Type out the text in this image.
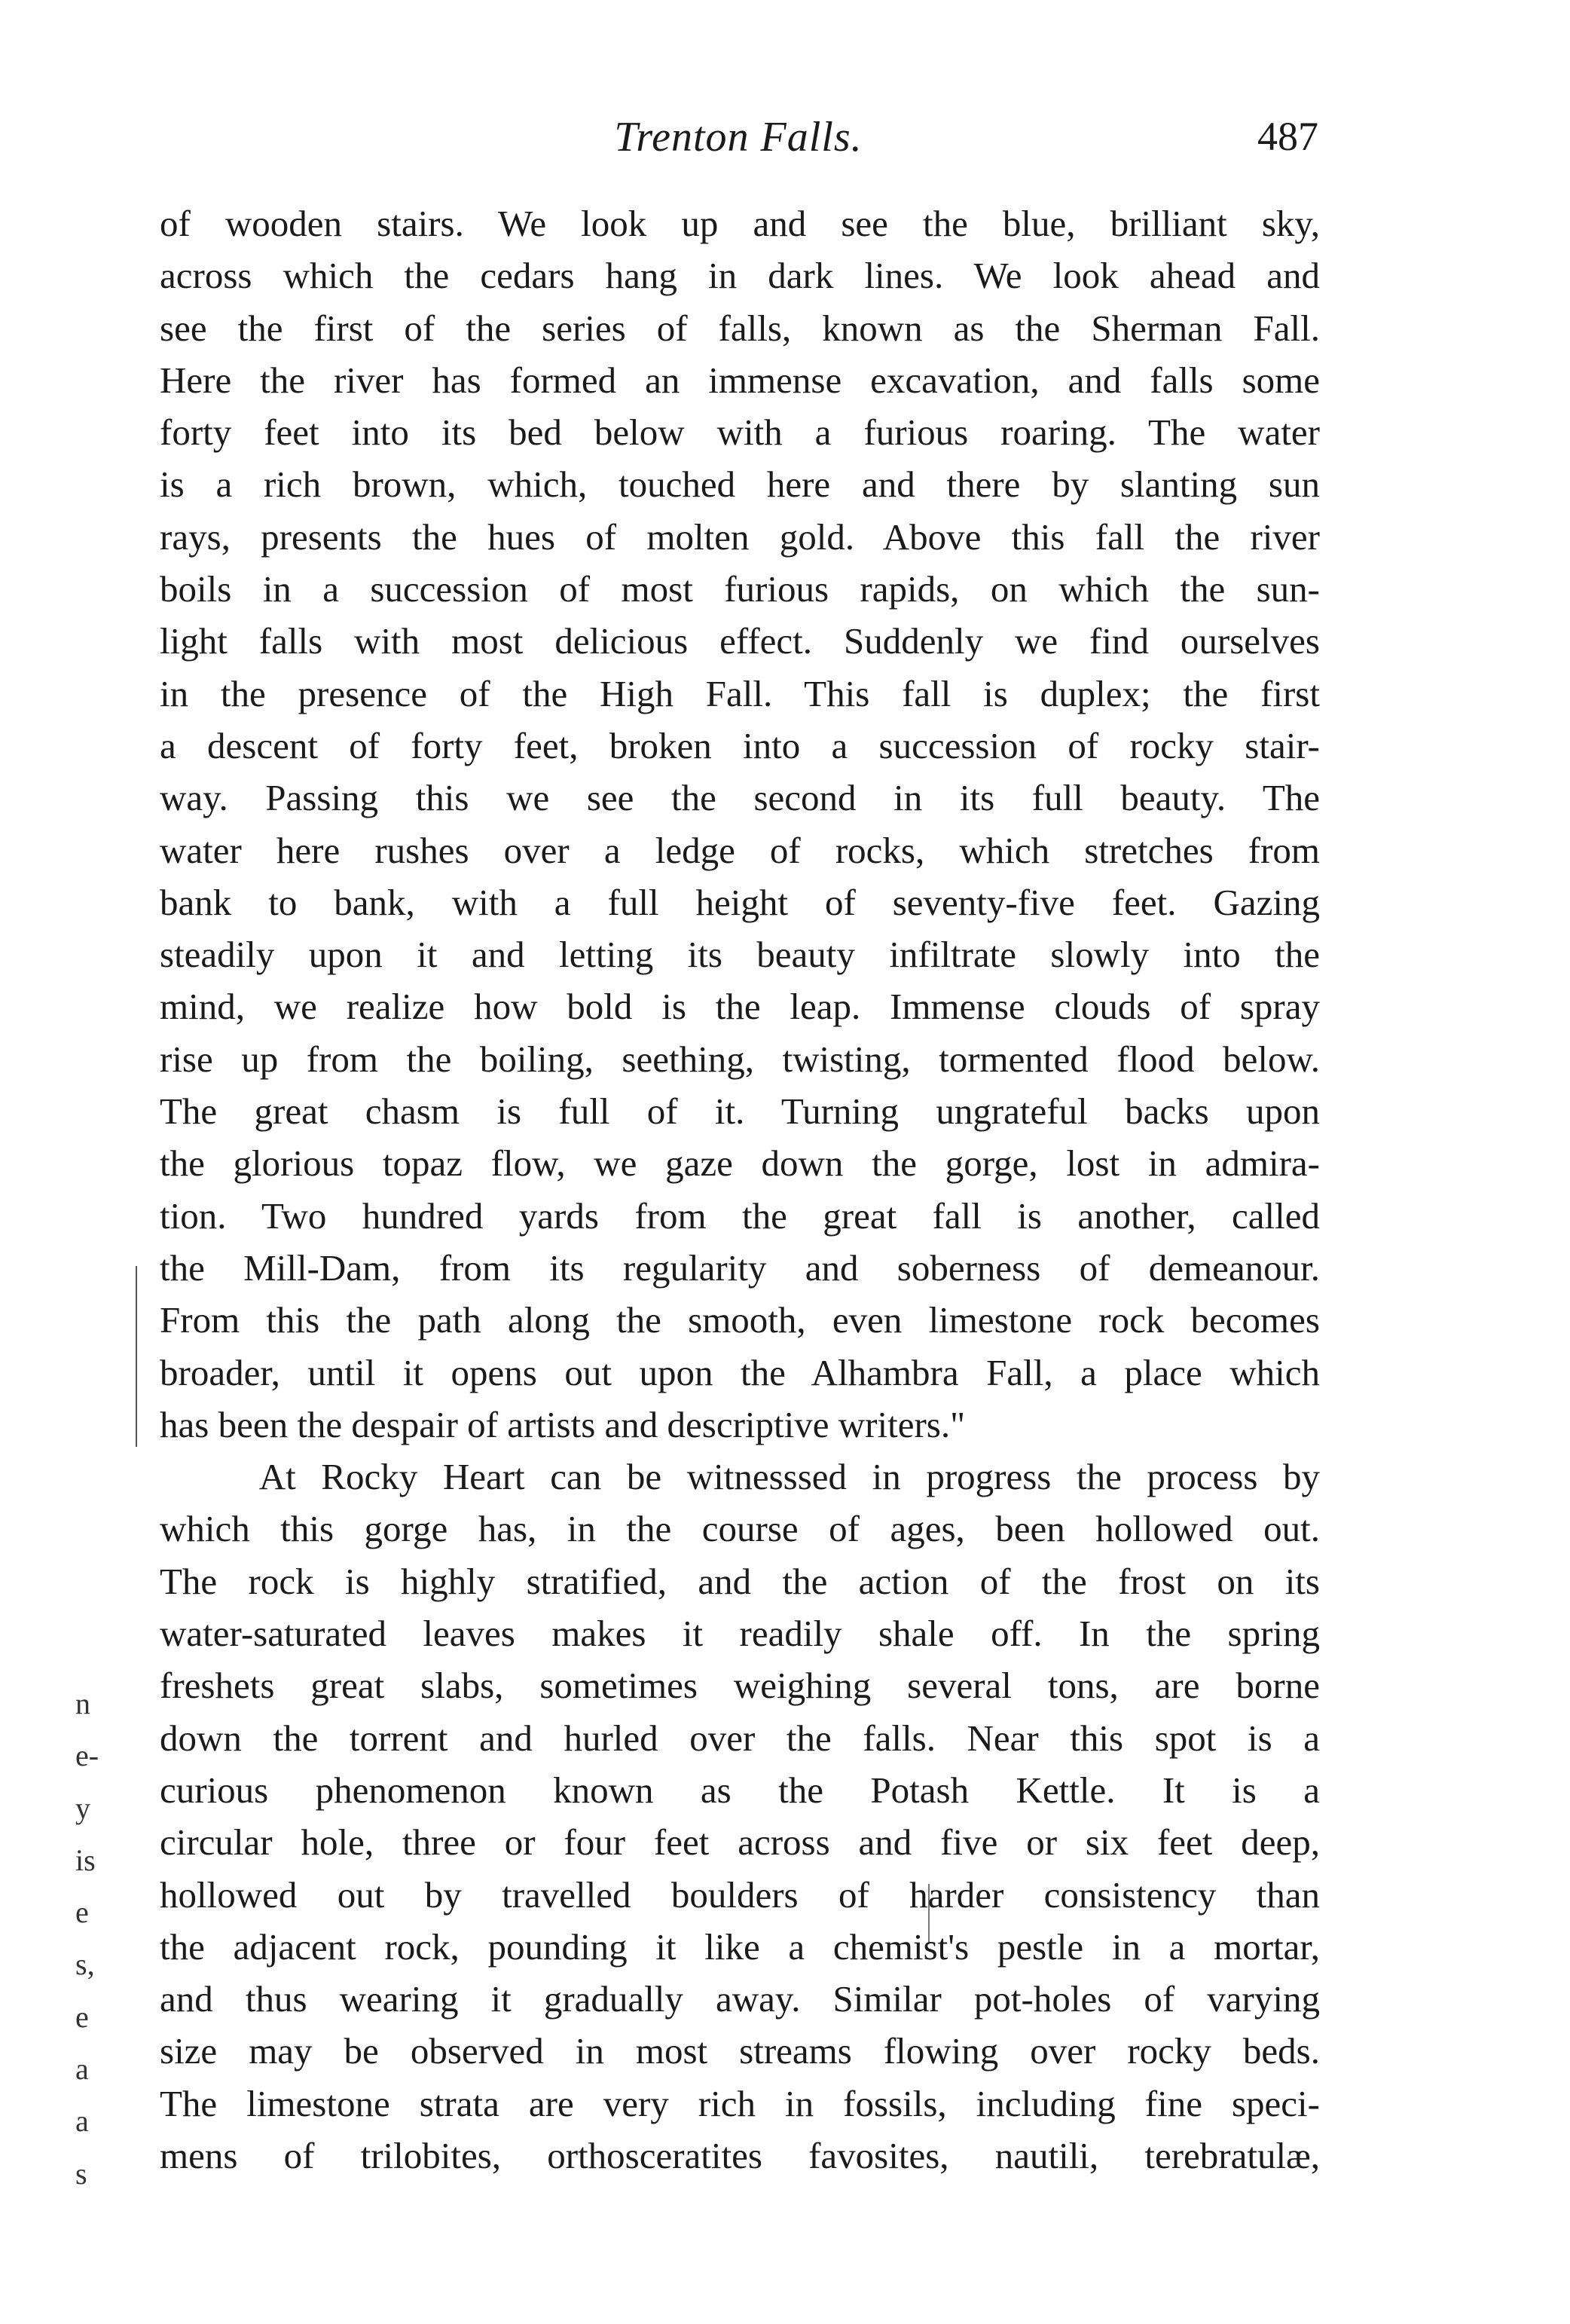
Trenton Falls.	487
of wooden stairs. We look up and see the blue, brilliant sky,
across which the cedars hang in dark lines. We look ahead and
see the first of the series of falls, known as the Sherman Fall.
Here the river has formed an immense excavation, and falls some
forty feet into its bed below with a furious roaring. The water
is a rich brown, which, touched here and there by slanting sun
rays, presents the hues of molten gold. Above this fall the river
boils in a succession of most furious rapids, on which the sun-
light falls with most delicious effect. Suddenly we find ourselves
in the presence of the High Fall. This fall is duplex; the first
a descent of forty feet, broken into a succession of rocky stair-
way. Passing this we see the second in its full beauty. The
water here rushes over a ledge of rocks, which stretches from
bank to bank, with a full height of seventy-five feet. Gazing
steadily upon it and letting its beauty infiltrate slowly into the
mind, we realize how bold is the leap. Immense clouds of spray
rise up from the boiling, seething, twisting, tormented flood below.
The great chasm is full of it. Turning ungrateful backs upon
the glorious topaz flow, we gaze down the gorge, lost in admira-
tion. Two hundred yards from the great fall is another, called
the Mill-Dam, from its regularity and soberness of demeanour.
From this the path along the smooth, even limestone rock becomes
broader, until it opens out upon the Alhambra Fall, a place which
has been the despair of artists and descriptive writers."
At Rocky Heart can be witnesssed in progress the process by
which this gorge has, in the course of ages, been hollowed out.
The rock is highly stratified, and the action of the frost on its
water-saturated leaves makes it readily shale off. In the spring
freshets great slabs, sometimes weighing several tons, are borne
down the torrent and hurled over the falls. Near this spot is a
curious phenomenon known as the Potash Kettle. It is a
circular hole, three or four feet across and five or six feet deep,
hollowed out by travelled boulders of harder consistency than
the adjacent rock, pounding it like a chemist's pestle in a mortar,
and thus wearing it gradually away. Similar pot-holes of varying
size may be observed in most streams flowing over rocky beds.
The limestone strata are very rich in fossils, including fine speci-
mens of trilobites, orthosceratites favosites, nautili, terebratulæ,
n
e-
y
is
e
s,
e
a
a
s
